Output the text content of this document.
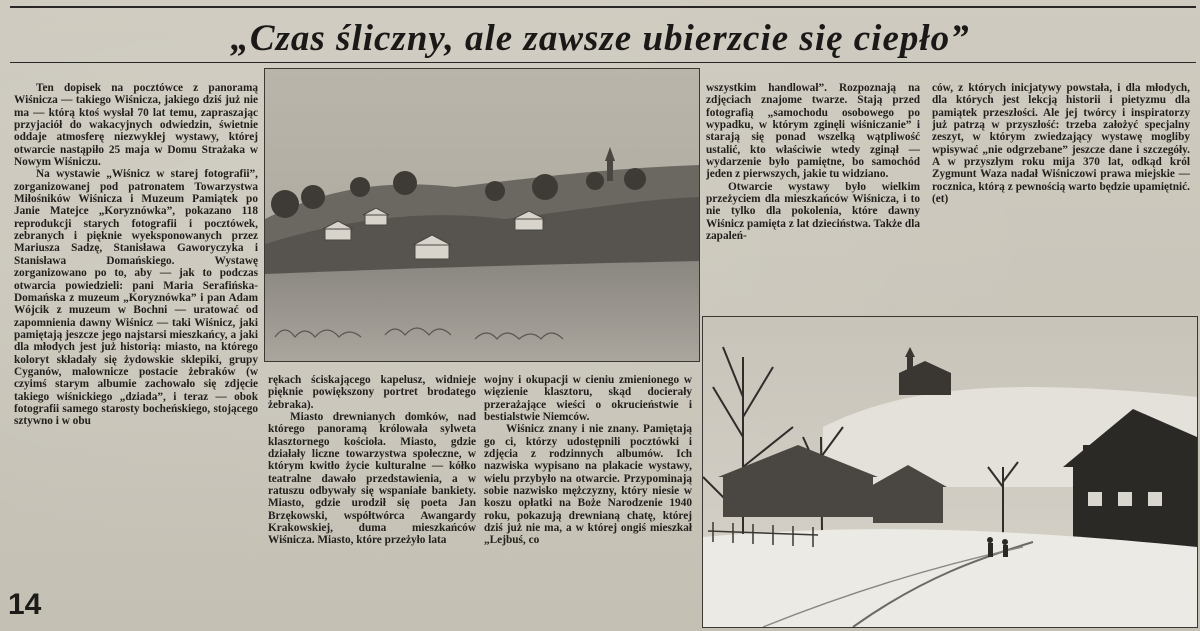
„Czas śliczny, ale zawsze ubierzcie się ciepło”

Ten dopisek na pocztówce z panoramą Wiśnicza — takiego Wiśnicza, jakiego dziś już nie ma — którą ktoś wysłał 70 lat temu, zapraszając przyjaciół do wakacyjnych odwiedzin, świetnie oddaje atmosferę niezwykłej wystawy, której otwarcie nastąpiło 25 maja w Domu Strażaka w Nowym Wiśniczu.

Na wystawie „Wiśnicz w starej fotografii”, zorganizowanej pod patronatem Towarzystwa Miłośników Wiśnicza i Muzeum Pamiątek po Janie Matejce „Koryznówka”, pokazano 118 reprodukcji starych fotografii i pocztówek, zebranych i pięknie wyeksponowanych przez Mariusza Sadzę, Stanisława Gaworyczyka i Stanisława Domańskiego. Wystawę zorganizowano po to, aby — jak to podczas otwarcia powiedzieli: pani Maria Serafińska-Domańska z muzeum „Koryznówka” i pan Adam Wójcik z muzeum w Bochni — uratować od zapomnienia dawny Wiśnicz — taki Wiśnicz, jaki pamiętają jeszcze jego najstarsi mieszkańcy, a jaki dla młodych jest już historią: miasto, na którego koloryt składały się żydowskie sklepiki, grupy Cyganów, malownicze postacie żebraków (w czyimś starym albumie zachowało się zdjęcie takiego wiśnickiego „dziada”, i teraz — obok fotografii samego starosty bocheńskiego, stojącego sztywno i w obu

rękach ściskającego kapelusz, widnieje pięknie powiększony portret brodatego żebraka).

Miasto drewnianych domków, nad którego panoramą królowała sylweta klasztornego kościoła. Miasto, gdzie działały liczne towarzystwa społeczne, w którym kwitło życie kulturalne — kółko teatralne dawało przedstawienia, a w ratuszu odbywały się wspaniałe bankiety. Miasto, gdzie urodził się poeta Jan Brzękowski, współtwórca Awangardy Krakowskiej, duma mieszkańców Wiśnicza. Miasto, które przeżyło lata

wojny i okupacji w cieniu zmienionego w więzienie klasztoru, skąd docierały przerażające wieści o okrucieństwie i bestialstwie Niemców.

Wiśnicz znany i nie znany. Pamiętają go ci, którzy udostępnili pocztówki i zdjęcia z rodzinnych albumów. Ich nazwiska wypisano na plakacie wystawy, wielu przybyło na otwarcie. Przypominają sobie nazwisko mężczyzny, który niesie w koszu opłatki na Boże Narodzenie 1940 roku, pokazują drewnianą chatę, której dziś już nie ma, a w której ongiś mieszkał „Lejbuś, co

wszystkim handlował”. Rozpoznają na zdjęciach znajome twarze. Stają przed fotografią „samochodu osobowego po wypadku, w którym zginęli wiśniczanie” i starają się ponad wszelką wątpliwość ustalić, kto właściwie wtedy zginął — wydarzenie było pamiętne, bo samochód jeden z pierwszych, jakie tu widziano.

Otwarcie wystawy było wielkim przeżyciem dla mieszkańców Wiśnicza, i to nie tylko dla pokolenia, które dawny Wiśnicz pamięta z lat dzieciństwa. Także dla zapaleń-

ców, z których inicjatywy powstała, i dla młodych, dla których jest lekcją historii i pietyzmu dla pamiątek przeszłości. Ale jej twórcy i inspiratorzy już patrzą w przyszłość: trzeba założyć specjalny zeszyt, w którym zwiedzający wystawę mogliby wpisywać „nie odgrzebane” jeszcze dane i szczegóły. A w przyszłym roku mija 370 lat, odkąd król Zygmunt Waza nadał Wiśniczowi prawa miejskie — rocznica, którą z pewnością warto będzie upamiętnić. (et)

14
